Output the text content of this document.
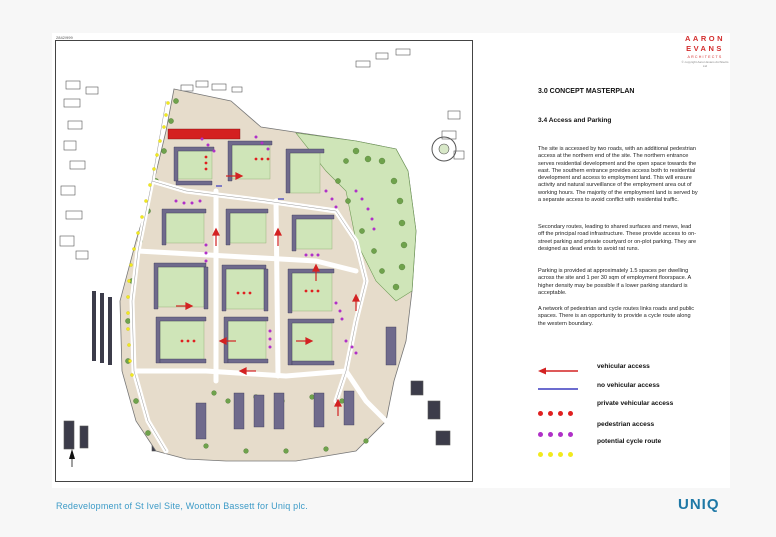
2842/999	AARON
EVANS
ARCHITECTS
© copyright Aaron Evans Architects Ltd
3.0 CONCEPT MASTERPLAN
3.4 Access and Parking
The site is accessed by two roads, with an additional pedestrian access at the northern end of the site. The northern entrance serves residential development and the open space towards the east. The southern entrance provides access both to residential development and access to employment land. This will ensure activity and natural surveillance of the employment area out of working hours. The majority of the employment land is served by a separate access to avoid conflict with residential traffic.
Secondary routes, leading to shared surfaces and mews, lead off the principal road infrastructure. These provide access to on-street parking and private courtyard or on-plot parking. They are designed as dead ends to avoid rat runs.
Parking is provided at approximately 1.5 spaces per dwelling across the site and 1 per 30 sqm of employment floorspace. A higher density may be possible if a lower parking standard is acceptable.
A network of pedestrian and cycle routes links roads and public spaces. There is an opportunity to provide a cycle route along the western boundary.
vehicular access
no vehicular access
private vehicular access
pedestrian access
potential cycle route
Redevelopment of St Ivel Site, Wootton Bassett for Uniq plc.	UNIQ
